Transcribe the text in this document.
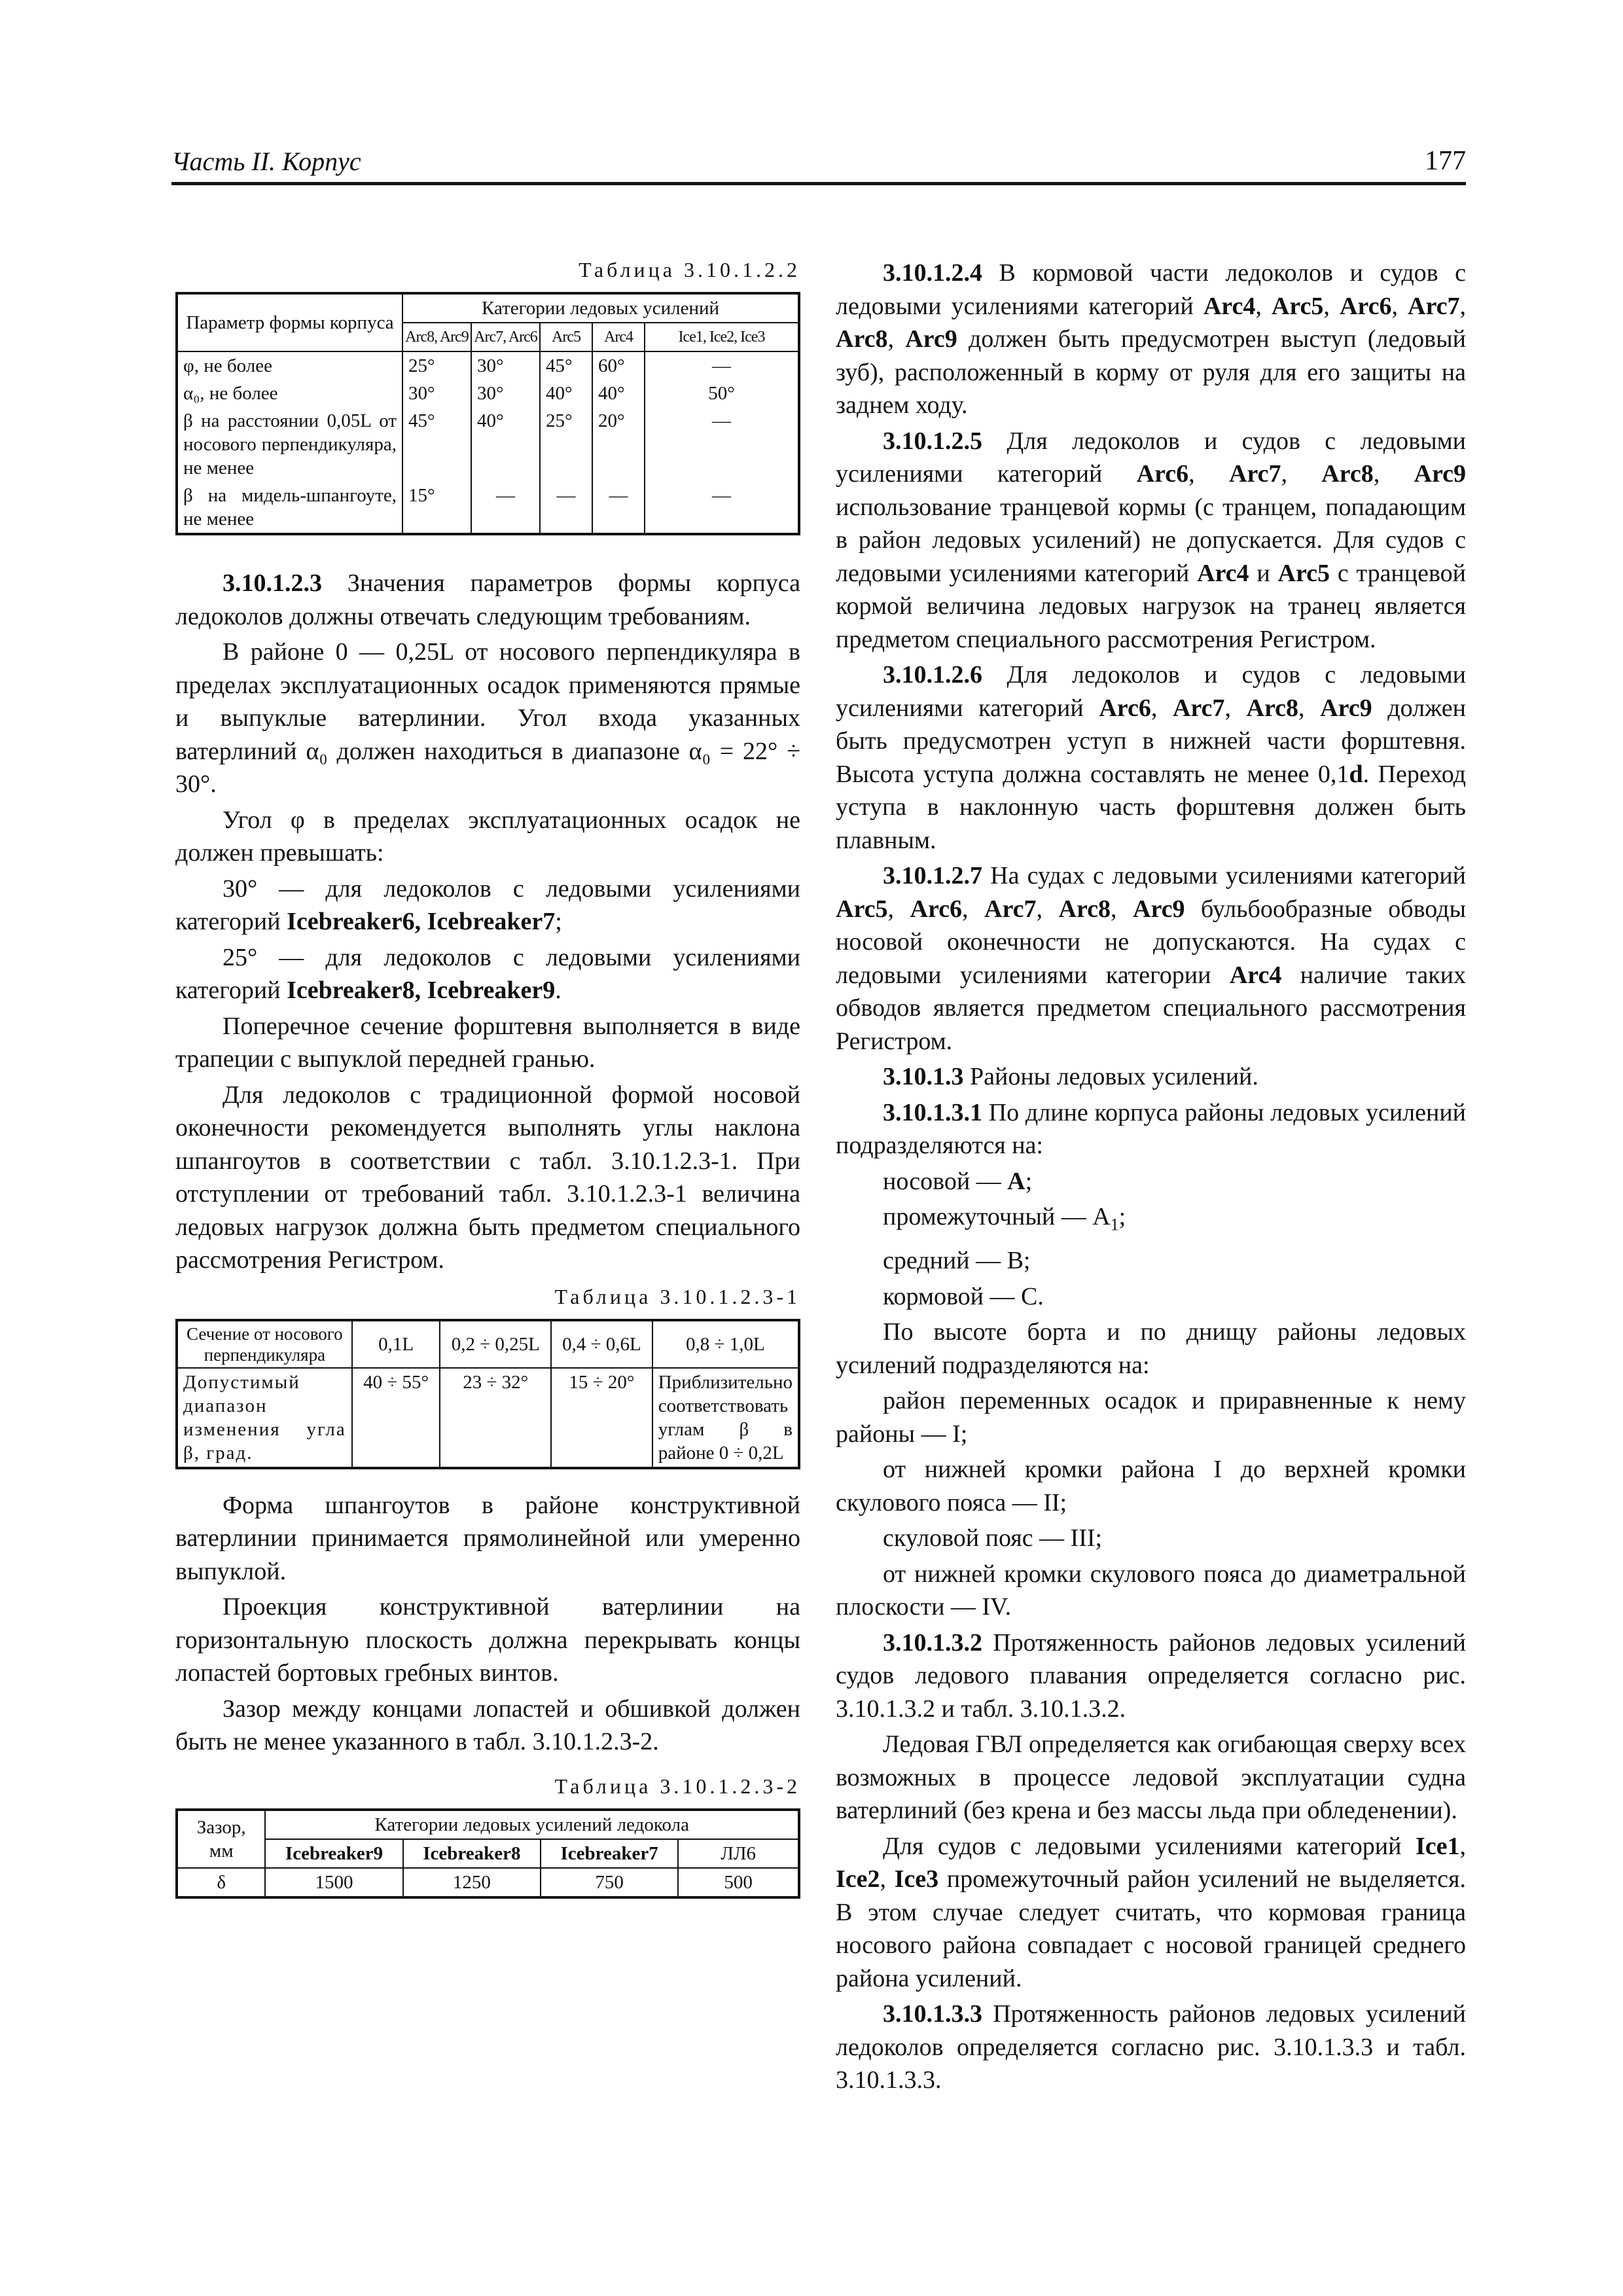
Часть II. Корпус	177
Таблица 3.10.1.2.2
Параметр формы корпуса	Категории ледовых усилений				
	Arc8, Arc9	Arc7, Arc6	Arc5	Arc4	Ice1, Ice2, Ice3
φ, не более	25°	30°	45°	60°	—
α₀, не более	30°	30°	40°	40°	50°
β на расстоянии 0,05L от носового перпендикуляра, не менее	45°	40°	25°	20°	—
β на мидель-шпангоуте, не менее	15°	—	—	—	—

3.10.1.2.3 Значения параметров формы корпуса ледоколов должны отвечать следующим требованиям.

В районе 0 — 0,25L от носового перпендикуляра в пределах эксплуатационных осадок применяются прямые и выпуклые ватерлинии. Угол входа указанных ватерлиний α₀ должен находиться в диапазоне α₀ = 22° ÷ 30°.

Угол φ в пределах эксплуатационных осадок не должен превышать:

30° — для ледоколов с ледовыми усилениями категорий Icebreaker6, Icebreaker7;

25° — для ледоколов с ледовыми усилениями категорий Icebreaker8, Icebreaker9.

Поперечное сечение форштевня выполняется в виде трапеции с выпуклой передней гранью.

Для ледоколов с традиционной формой носовой оконечности рекомендуется выполнять углы наклона шпангоутов в соответствии с табл. 3.10.1.2.3-1. При отступлении от требований табл. 3.10.1.2.3-1 величина ледовых нагрузок должна быть предметом специального рассмотрения Регистром.

Таблица 3.10.1.2.3-1
Сечение от носового перпендикуляра	0,1L	0,2 ÷ 0,25L	0,4 ÷ 0,6L	0,8 ÷ 1,0L
Допустимый диапазон изменения угла β, град.	40 ÷ 55°	23 ÷ 32°	15 ÷ 20°	Приблизительно соответствовать углам β в районе 0 ÷ 0,2L

Форма шпангоутов в районе конструктивной ватерлинии принимается прямолинейной или умеренно выпуклой.

Проекция конструктивной ватерлинии на горизонтальную плоскость должна перекрывать концы лопастей бортовых гребных винтов.

Зазор между концами лопастей и обшивкой должен быть не менее указанного в табл. 3.10.1.2.3-2.

Таблица 3.10.1.2.3-2
Зазор, мм	Категории ледовых усилений ледокола			
	Icebreaker9	Icebreaker8	Icebreaker7	ЛЛ6
δ	1500	1250	750	500

3.10.1.2.4 В кормовой части ледоколов и судов с ледовыми усилениями категорий Arc4, Arc5, Arc6, Arc7, Arc8, Arc9 должен быть предусмотрен выступ (ледовый зуб), расположенный в корму от руля для его защиты на заднем ходу.

3.10.1.2.5 Для ледоколов и судов с ледовыми усилениями категорий Arc6, Arc7, Arc8, Arc9 использование транцевой кормы (с транцем, попадающим в район ледовых усилений) не допускается. Для судов с ледовыми усилениями категорий Arc4 и Arc5 с транцевой кормой величина ледовых нагрузок на транец является предметом специального рассмотрения Регистром.

3.10.1.2.6 Для ледоколов и судов с ледовыми усилениями категорий Arc6, Arc7, Arc8, Arc9 должен быть предусмотрен уступ в нижней части форштевня. Высота уступа должна составлять не менее 0,1d. Переход уступа в наклонную часть форштевня должен быть плавным.

3.10.1.2.7 На судах с ледовыми усилениями категорий Arc5, Arc6, Arc7, Arc8, Arc9 бульбообразные обводы носовой оконечности не допускаются. На судах с ледовыми усилениями категории Arc4 наличие таких обводов является предметом специального рассмотрения Регистром.

3.10.1.3 Районы ледовых усилений.

3.10.1.3.1 По длине корпуса районы ледовых усилений подразделяются на:

носовой — A;

промежуточный — $A_1$;

средний — B;

кормовой — C.

По высоте борта и по днищу районы ледовых усилений подразделяются на:

район переменных осадок и приравненные к нему районы — I;

от нижней кромки района I до верхней кромки скулового пояса — II;

скуловой пояс — III;

от нижней кромки скулового пояса до диаметральной плоскости — IV.

3.10.1.3.2 Протяженность районов ледовых усилений судов ледового плавания определяется согласно рис. 3.10.1.3.2 и табл. 3.10.1.3.2.

Ледовая ГВЛ определяется как огибающая сверху всех возможных в процессе ледовой эксплуатации судна ватерлиний (без крена и без массы льда при обледенении).

Для судов с ледовыми усилениями категорий Ice1, Ice2, Ice3 промежуточный район усилений не выделяется. В этом случае следует считать, что кормовая граница носового района совпадает с носовой границей среднего района усилений.

3.10.1.3.3 Протяженность районов ледовых усилений ледоколов определяется согласно рис. 3.10.1.3.3 и табл. 3.10.1.3.3.
